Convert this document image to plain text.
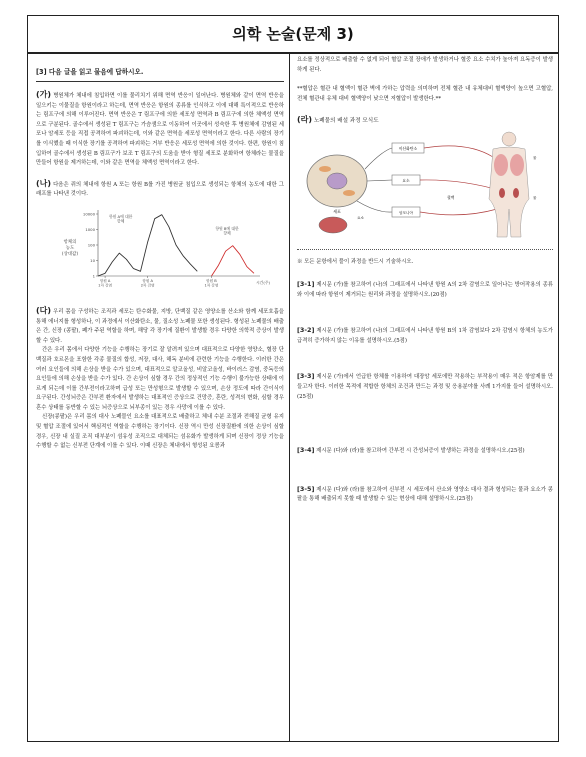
의학 논술(문제 3)
[3] 다음 글을 읽고 물음에 답하시오.

(가) 병원체가 체내에 침입하면 이를 물리치기 위해 면역 반응이 일어난다. 병원체와 같이 면역 반응을 일으키는 이물질을 항원이라고 하는데, 면역 반응은 항원의 종류를 인식하고 이에 대해 특이적으로 반응하는 림프구에 의해 이루어진다. 면역 반응은 T 림프구에 의한 세포성 면역과 B 림프구에 의한 체액성 면역으로 구분된다. 골수에서 생성된 T 림프구는 가슴샘으로 이동하여 이곳에서 성숙한 후 병원체에 감염된 세포나 암세포 등을 직접 공격하여 파괴하는데, 이와 같은 면역을 세포성 면역이라고 한다. 다른 사람의 장기를 이식했을 때 이식한 장기를 공격하여 파괴하는 거부 반응은 세포성 면역에 의한 것이다. 한편, 항원이 침입하여 골수에서 생성된 B 림프구가 보조 T 림프구의 도움을 받아 형질 세포로 분화하여 항체라는 물질을 만들어 항원을 제거하는데, 이와 같은 면역을 체액성 면역이라고 한다.

(나) 다음은 쥐의 체내에 항원 A 또는 항원 B를 가진 병원균 침입으로 생성되는 항체의 농도에 대한 그래프를 나타낸 것이다.

10000
1000
100
10
1
항체의 농도 (상대값)
시간(주)
항원 A 1차 감염
항원 A 2차 감염
항원 B 1차 감염
항원 A에 대한 항체
항원 B에 대한 항체

(다) 우리 몸을 구성하는 조직과 세포는 탄수화물, 지방, 단백질 같은 영양소를 산소와 함께 세포호흡을 통해 에너지를 형성하나, 이 과정에서 이산화탄소, 물, 질소성 노폐물 또한 생성된다. 형성된 노폐물의 배출은 간, 신장 (콩팥), 폐가 주된 역할을 하며, 해당 각 장기에 질환이 발생할 경우 다양한 의학적 증상이 발생할 수 있다.

간은 우리 몸에서 다양한 기능을 수행하는 장기로 잘 알려져 있으며 대표적으로 다양한 영양소, 혈장 단백질과 호르몬을 포함한 각종 물질의 합성, 저장, 대사, 해독 분비에 관련한 기능을 수행한다. 이러한 간은 여러 요인들에 의해 손상을 받을 수가 있으며, 대표적으로 알코올성, 비알코올성, 바이러스 감염, 중독등의 요인들에 의해 손상을 받을 수가 있다. 간 손상이 심할 경우 간의 정상적인 기능 수행이 불가능한 상태에 이르게 되는데 이를 간부전이라고하며 급성 또는 만성형으로 발생할 수 있으며, 손상 정도에 따라 간이식이 요구된다. 간성뇌증은 간부전 환자에서 발생하는 대표적인 증상으로 건망증, 혼란, 성격의 변화, 심할 경우 혼수 상태를 동반할 수 있는 뇌증상으로 뇌부종이 있는 경우 사망에 이를 수 있다.

신장(콩팥)은 우리 몸의 대사 노폐믈인 요소를 대표적으로 배출하고 체내 수분 조절과 전해질 균형 유지 및 혈압 조절에 있어서 핵심적인 역할을 수행하는 장기이다. 신장 역시 만성 신장질환에 의한 손상이 심할 경우, 신장 내 실질 조직 대부분이 섬유성 조직으로 대체되는 섬유화가 발생하게 되며 신장이 정상 기능을 수행할 수 없는 신부전 단계에 이를 수 있다. 이때 신장은 체내에서 형성된 요콤과

요소를 정상적으로 배출할 수 없게 되어 혈압 조절 장애가 발생하거나 혈중 요소 수치가 높아져 요독증이 발생하게 된다.

**혈압은 혈관 내 혈액이 혈관 벽에 가하는 압력을 의미하며 전체 혈관 내 유체대비 혈액양이 높으면 고혈압, 전체 혈관내 유체 대비 혈액양이 낮으면 저혈압이 발생한다.**

(라) 노폐물의 배설 과정 모식도
세포
요소
이산화탄소
요소
암모니아
혈액
물
물

※ 모든 문항에서 풀이 과정을 반드시 기술하시오.

[3-1] 제시문 (가)를 참고하여 (나)의 그래프에서 나타낸 항원 A의 2차 감염으로 일어나는 방어작용의 종류와 이에 따라 항원이 제거되는 원리와 과정을 설명하시오.(20점)

[3-2] 제시문 (가)를 참고하여 (나)의 그래프에서 나타낸 항원 B의 1차 감염보다 2차 감염시 항체의 농도가 급격히 증가하지 않는 이유를 설명하시오.(5점)

[3-3] 제시문 (가)에서 언급한 항체를 이용하여 대장암 세포에만 작용하는 부작용이 매우 적은 항암제를 만들고자 한다. 이러한 목적에 적합한 항체의 조건과 만드는 과정 및 응용분야를 사례 1가지를 들어 설명하시오.(25점)

[3-4] 제시문 (다)와 (라)를 참고하여 간부전 시 간성뇌증이 발생하는 과정을 설명하시오.(25점)

[3-5] 제시문 (다)와 (라)를 참고하여 신부전 시 세포에서 산소와 영양소 대사 결과 형성되는 물과 요소가 콩팥을 통해 배출되지 못할 때 발생할 수 있는 현상에 대해 설명하시오.(25점)
